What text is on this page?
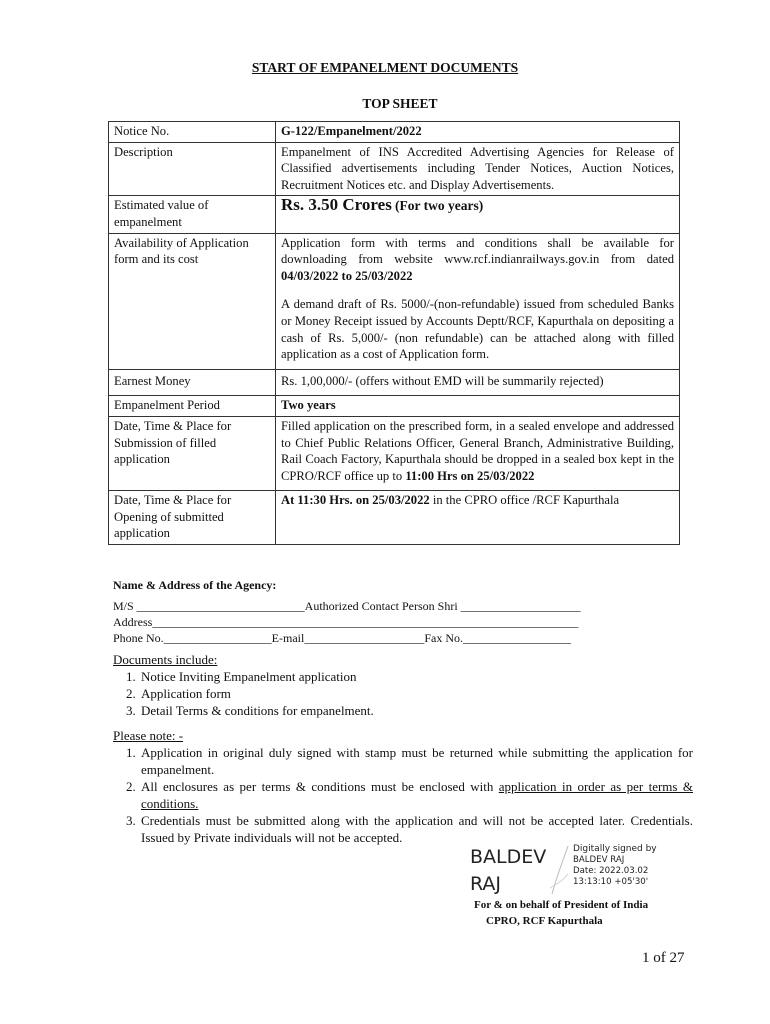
START OF EMPANELMENT DOCUMENTS
TOP SHEET
Notice No.	G-122/Empanelment/2022
Description	Empanelment of INS Accredited Advertising Agencies for Release of Classified advertisements including Tender Notices, Auction Notices, Recruitment Notices etc. and Display Advertisements.
Estimated value of empanelment	Rs. 3.50 Crores (For two years)
Availability of Application form and its cost	Application form with terms and conditions shall be available for downloading from website www.rcf.indianrailways.gov.in from dated 04/03/2022 to 25/03/2022
A demand draft of Rs. 5000/-(non-refundable) issued from scheduled Banks or Money Receipt issued by Accounts Deptt/RCF, Kapurthala on depositing a cash of Rs. 5,000/- (non refundable) can be attached along with filled application as a cost of Application form.

Earnest Money	Rs. 1,00,000/- (offers without EMD will be summarily rejected)
Empanelment Period	Two years
Date, Time & Place for Submission of filled application	Filled application on the prescribed form, in a sealed envelope and addressed to Chief Public Relations Officer, General Branch, Administrative Building, Rail Coach Factory, Kapurthala should be dropped in a sealed box kept in the CPRO/RCF office up to 11:00 Hrs on 25/03/2022

Date, Time & Place for Opening of submitted application	At 11:30 Hrs. on 25/03/2022 in the CPRO office /RCF Kapurthala
Name & Address of the Agency:
M/S ____________________________Authorized Contact Person Shri ____________________
Address_______________________________________________________________________
Phone No.__________________E-mail____________________Fax No.__________________
Documents include:
1. Notice Inviting Empanelment application
2. Application form
3. Detail Terms & conditions for empanelment.
Please note: -
1. Application in original duly signed with stamp must be returned while submitting the application for empanelment.
2. All enclosures as per terms & conditions must be enclosed with application in order as per terms & conditions.
3. Credentials must be submitted along with the application and will not be accepted later. Credentials. Issued by Private individuals will not be accepted.
BALDEV
RAJ
Digitally signed by
BALDEV RAJ
Date: 2022.03.02
13:13:10 +05'30'
For & on behalf of President of India
CPRO, RCF Kapurthala
1 of 27
